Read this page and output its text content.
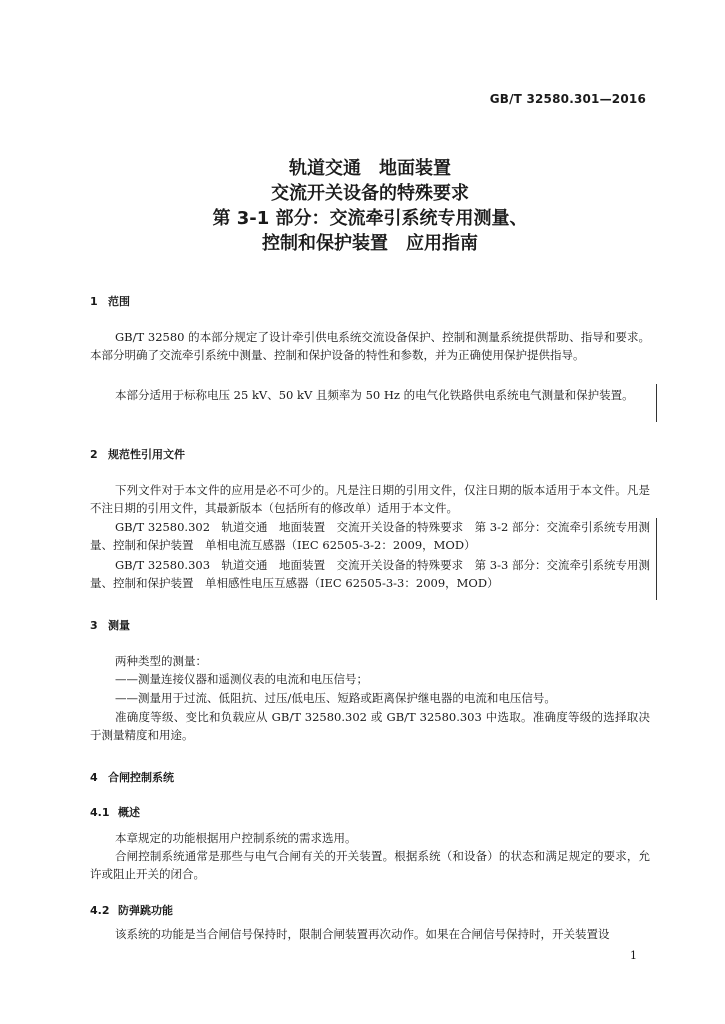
GB/T 32580.301—2016
轨道交通　地面装置
交流开关设备的特殊要求
第 3-1 部分：交流牵引系统专用测量、
控制和保护装置　应用指南
1 范围
GB/T 32580 的本部分规定了设计牵引供电系统交流设备保护、控制和测量系统提供帮助、指导和要求。本部分明确了交流牵引系统中测量、控制和保护设备的特性和参数，并为正确使用保护提供指导。
本部分适用于标称电压 25 kV、50 kV 且频率为 50 Hz 的电气化铁路供电系统电气测量和保护装置。
2 规范性引用文件
下列文件对于本文件的应用是必不可少的。凡是注日期的引用文件，仅注日期的版本适用于本文件。凡是不注日期的引用文件，其最新版本（包括所有的修改单）适用于本文件。
GB/T 32580.302　轨道交通　地面装置　交流开关设备的特殊要求　第 3-2 部分：交流牵引系统专用测量、控制和保护装置　单相电流互感器（IEC 62505-3-2：2009，MOD）
GB/T 32580.303　轨道交通　地面装置　交流开关设备的特殊要求　第 3-3 部分：交流牵引系统专用测量、控制和保护装置　单相感性电压互感器（IEC 62505-3-3：2009，MOD）
3 测量
两种类型的测量：
——测量连接仪器和遥测仪表的电流和电压信号；
——测量用于过流、低阻抗、过压/低电压、短路或距离保护继电器的电流和电压信号。
准确度等级、变比和负载应从 GB/T 32580.302 或 GB/T 32580.303 中选取。准确度等级的选择取决于测量精度和用途。
4 合闸控制系统
4.1 概述
本章规定的功能根据用户控制系统的需求选用。
合闸控制系统通常是那些与电气合闸有关的开关装置。根据系统（和设备）的状态和满足规定的要求，允许或阻止开关的闭合。
4.2 防弹跳功能
该系统的功能是当合闸信号保持时，限制合闸装置再次动作。如果在合闸信号保持时，开关装置设
1
